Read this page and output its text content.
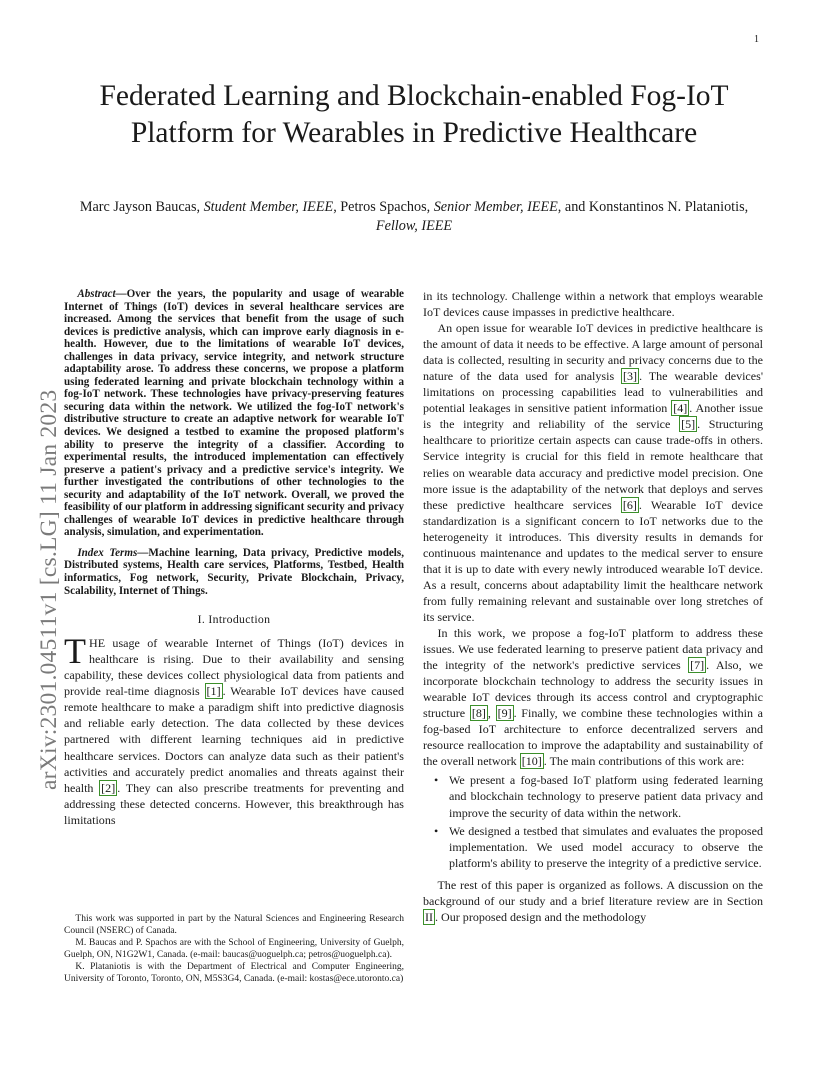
1
arXiv:2301.04511v1 [cs.LG] 11 Jan 2023
Federated Learning and Blockchain-enabled Fog-IoT Platform for Wearables in Predictive Healthcare
Marc Jayson Baucas, Student Member, IEEE, Petros Spachos, Senior Member, IEEE, and Konstantinos N. Plataniotis, Fellow, IEEE

Abstract—Over the years, the popularity and usage of wearable Internet of Things (IoT) devices in several healthcare services are increased. Among the services that benefit from the usage of such devices is predictive analysis, which can improve early diagnosis in e-health. However, due to the limitations of wearable IoT devices, challenges in data privacy, service integrity, and network structure adaptability arose. To address these concerns, we propose a platform using federated learning and private blockchain technology within a fog-IoT network. These technologies have privacy-preserving features securing data within the network. We utilized the fog-IoT network's distributive structure to create an adaptive network for wearable IoT devices. We designed a testbed to examine the proposed platform's ability to preserve the integrity of a classifier. According to experimental results, the introduced implementation can effectively preserve a patient's privacy and a predictive service's integrity. We further investigated the contributions of other technologies to the security and adaptability of the IoT network. Overall, we proved the feasibility of our platform in addressing significant security and privacy challenges of wearable IoT devices in predictive healthcare through analysis, simulation, and experimentation.

Index Terms—Machine learning, Data privacy, Predictive models, Distributed systems, Health care services, Platforms, Testbed, Health informatics, Fog network, Security, Private Blockchain, Privacy, Scalability, Internet of Things.

I. Introduction

THE usage of wearable Internet of Things (IoT) devices in healthcare is rising. Due to their availability and sensing capability, these devices collect physiological data from patients and provide real-time diagnosis [1] . Wearable IoT devices have caused remote healthcare to make a paradigm shift into predictive diagnosis and reliable early detection. The data collected by these devices partnered with different learning techniques aid in predictive healthcare services. Doctors can analyze data such as their patient's activities and accurately predict anomalies and threats against their health [2] . They can also prescribe treatments for preventing and addressing these detected concerns. However, this breakthrough has limitations

This work was supported in part by the Natural Sciences and Engineering Research Council (NSERC) of Canada.

M. Baucas and P. Spachos are with the School of Engineering, University of Guelph, Guelph, ON, N1G2W1, Canada. (e-mail: baucas@uoguelph.ca; petros@uoguelph.ca).

K. Plataniotis is with the Department of Electrical and Computer Engineering, University of Toronto, Toronto, ON, M5S3G4, Canada. (e-mail: kostas@ece.utoronto.ca)

in its technology. Challenge within a network that employs wearable IoT devices cause impasses in predictive healthcare.

An open issue for wearable IoT devices in predictive healthcare is the amount of data it needs to be effective. A large amount of personal data is collected, resulting in security and privacy concerns due to the nature of the data used for analysis [3] . The wearable devices' limitations on processing capabilities lead to vulnerabilities and potential leakages in sensitive patient information [4] . Another issue is the integrity and reliability of the service [5] . Structuring healthcare to prioritize certain aspects can cause trade-offs in others. Service integrity is crucial for this field in remote healthcare that relies on wearable data accuracy and predictive model precision. One more issue is the adaptability of the network that deploys and serves these predictive healthcare services [6] . Wearable IoT device standardization is a significant concern to IoT networks due to the heterogeneity it introduces. This diversity results in demands for continuous maintenance and updates to the medical server to ensure that it is up to date with every newly introduced wearable IoT device. As a result, concerns about adaptability limit the healthcare network from fully remaining relevant and sustainable over long stretches of its service.

In this work, we propose a fog-IoT platform to address these issues. We use federated learning to preserve patient data privacy and the integrity of the network's predictive services [7] . Also, we incorporate blockchain technology to address the security issues in wearable IoT devices through its access control and cryptographic structure [8] , [9] . Finally, we combine these technologies within a fog-based IoT architecture to enforce decentralized servers and resource reallocation to improve the adaptability and sustainability of the overall network [10] . The main contributions of this work are:

• We present a fog-based IoT platform using federated learning and blockchain technology to preserve patient data privacy and improve the security of data within the network.
• We designed a testbed that simulates and evaluates the proposed implementation. We used model accuracy to observe the platform's ability to preserve the integrity of a predictive service.

The rest of this paper is organized as follows. A discussion on the background of our study and a brief literature review are in Section II . Our proposed design and the methodology
